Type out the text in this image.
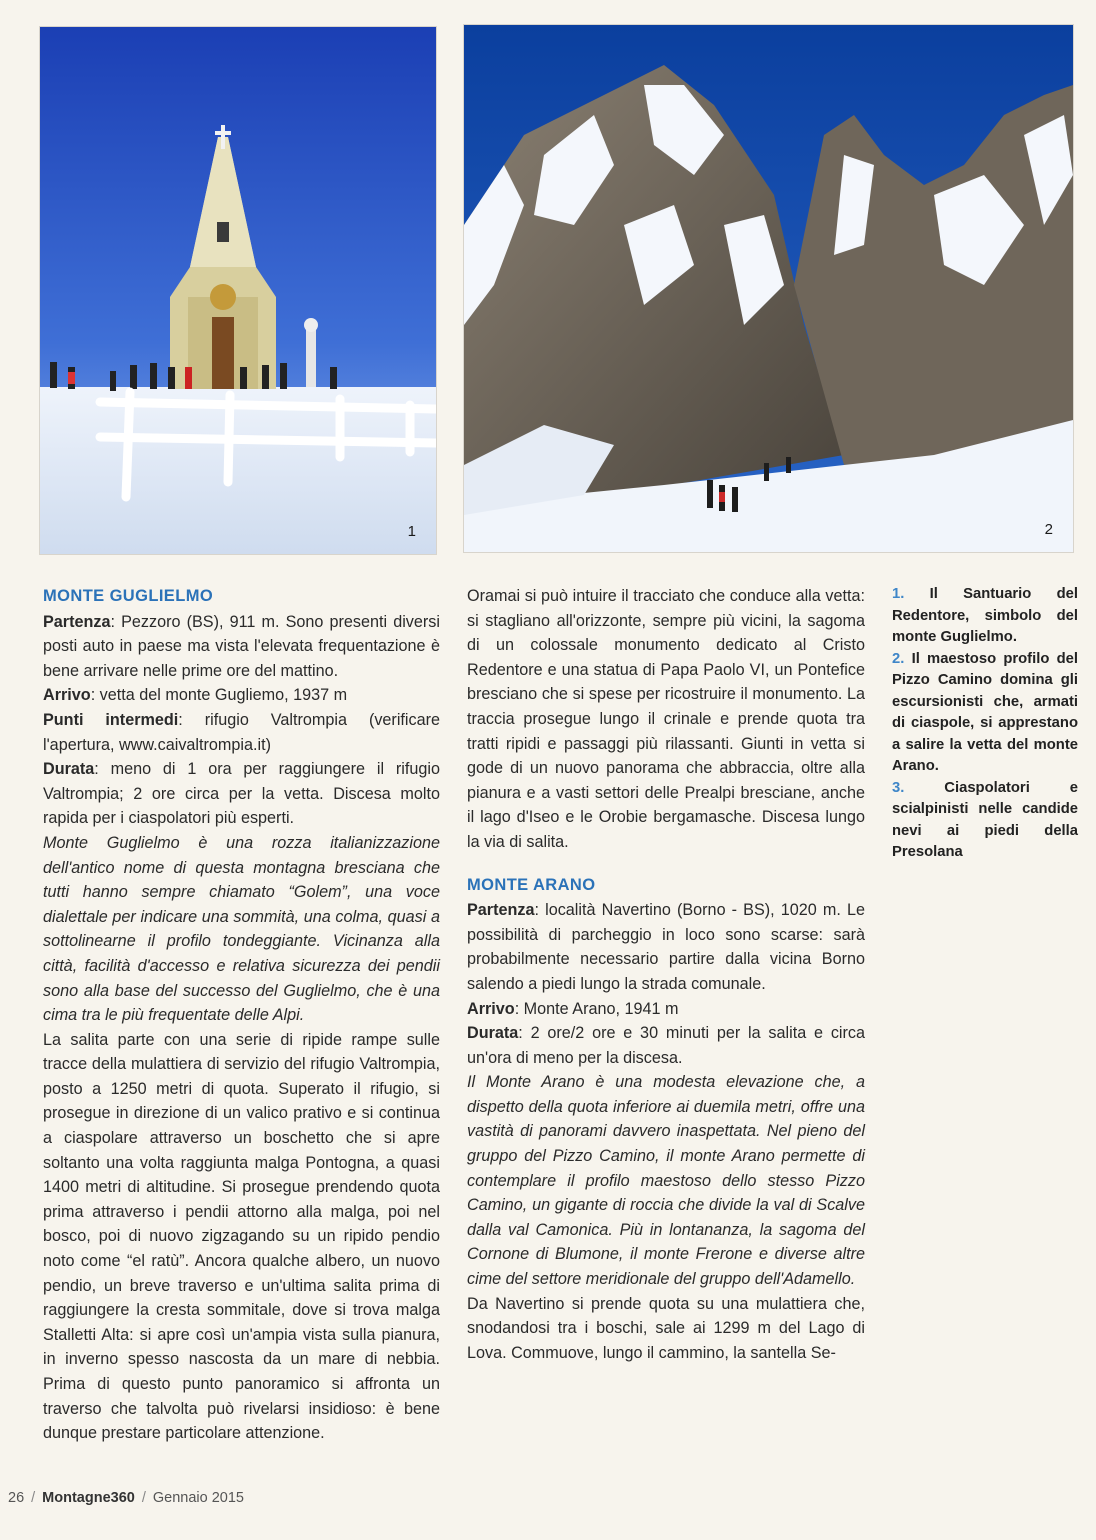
1	2
MONTE GUGLIELMO

Partenza: Pezzoro (BS), 911 m. Sono presenti diversi posti auto in paese ma vista l'elevata frequentazione è bene arrivare nelle prime ore del mattino.

Arrivo: vetta del monte Gugliemo, 1937 m

Punti intermedi: rifugio Valtrompia (verificare l'apertura, www.caivaltrompia.it)

Durata: meno di 1 ora per raggiungere il rifugio Valtrompia; 2 ore circa per la vetta. Discesa molto rapida per i ciaspolatori più esperti.

Monte Guglielmo è una rozza italianizzazione dell'antico nome di questa montagna bresciana che tutti hanno sempre chiamato “Golem”, una voce dialettale per indicare una sommità, una colma, quasi a sottolinearne il profilo tondeggiante. Vicinanza alla città, facilità d'accesso e relativa sicurezza dei pendii sono alla base del successo del Guglielmo, che è una cima tra le più frequentate delle Alpi.

La salita parte con una serie di ripide rampe sulle tracce della mulattiera di servizio del rifugio Valtrompia, posto a 1250 metri di quota. Superato il rifugio, si prosegue in direzione di un valico prativo e si continua a ciaspolare attraverso un boschetto che si apre soltanto una volta raggiunta malga Pontogna, a quasi 1400 metri di altitudine. Si prosegue prendendo quota prima attraverso i pendii attorno alla malga, poi nel bosco, poi di nuovo zigzagando su un ripido pendio noto come “el ratù”. Ancora qualche albero, un nuovo pendio, un breve traverso e un'ultima salita prima di raggiungere la cresta sommitale, dove si trova malga Stalletti Alta: si apre così un'ampia vista sulla pianura, in inverno spesso nascosta da un mare di nebbia. Prima di questo punto panoramico si affronta un traverso che talvolta può rivelarsi insidioso: è bene dunque prestare particolare attenzione.

Oramai si può intuire il tracciato che conduce alla vetta: si stagliano all'orizzonte, sempre più vicini, la sagoma di un colossale monumento dedicato al Cristo Redentore e una statua di Papa Paolo VI, un Pontefice bresciano che si spese per ricostruire il monumento. La traccia prosegue lungo il crinale e prende quota tra tratti ripidi e passaggi più rilassanti. Giunti in vetta si gode di un nuovo panorama che abbraccia, oltre alla pianura e a vasti settori delle Prealpi bresciane, anche il lago d'Iseo e le Orobie bergamasche. Discesa lungo la via di salita.

MONTE ARANO

Partenza: località Navertino (Borno - BS), 1020 m. Le possibilità di parcheggio in loco sono scarse: sarà probabilmente necessario partire dalla vicina Borno salendo a piedi lungo la strada comunale.

Arrivo: Monte Arano, 1941 m

Durata: 2 ore/2 ore e 30 minuti per la salita e circa un'ora di meno per la discesa.

Il Monte Arano è una modesta elevazione che, a dispetto della quota inferiore ai duemila metri, offre una vastità di panorami davvero inaspettata. Nel pieno del gruppo del Pizzo Camino, il monte Arano permette di contemplare il profilo maestoso dello stesso Pizzo Camino, un gigante di roccia che divide la val di Scalve dalla val Camonica. Più in lontananza, la sagoma del Cornone di Blumone, il monte Frerone e diverse altre cime del settore meridionale del gruppo dell'Adamello.

Da Navertino si prende quota su una mulattiera che, snodandosi tra i boschi, sale ai 1299 m del Lago di Lova. Commuove, lungo il cammino, la santella Se-

1. Il Santuario del Redentore, simbolo del monte Guglielmo.

2. Il maestoso profilo del Pizzo Camino domina gli escursionisti che, armati di ciaspole, si apprestano a salire la vetta del monte Arano.

3.	Ciaspolatori e scialpinisti nelle candide nevi ai piedi della Presolana

26 / Montagne360 / Gennaio 2015
